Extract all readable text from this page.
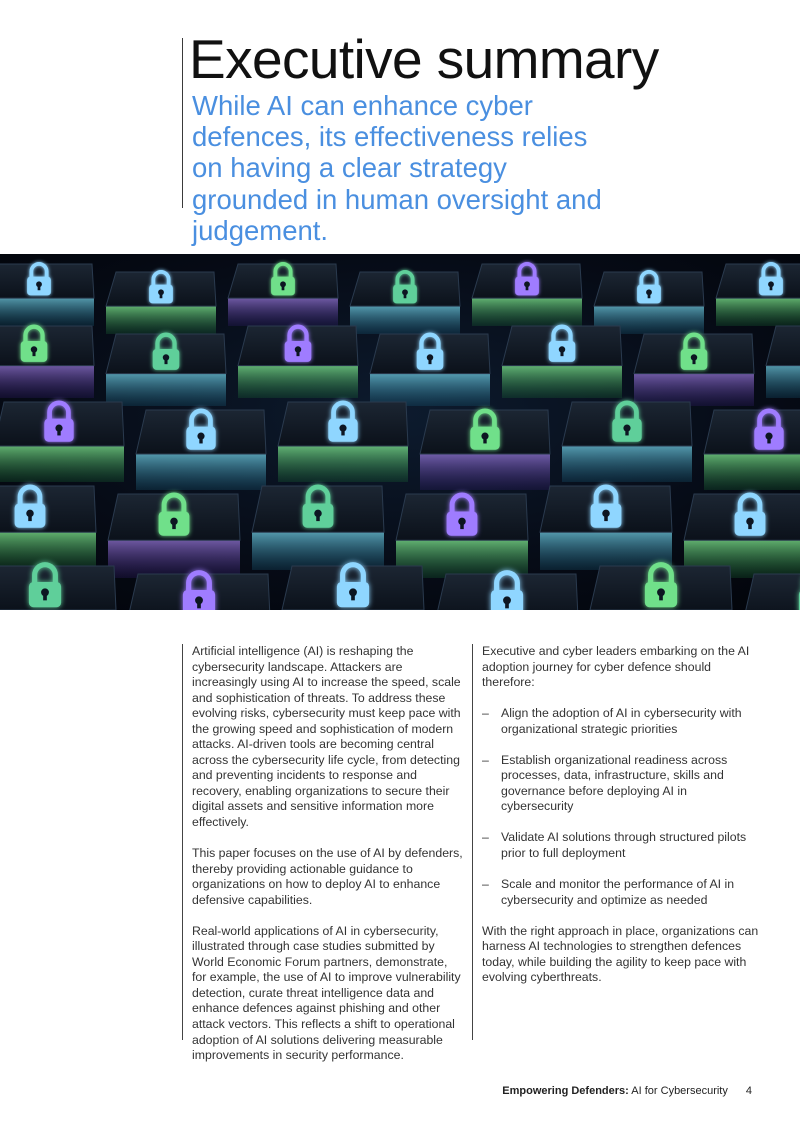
Executive summary
While AI can enhance cyber defences, its effectiveness relies on having a clear strategy grounded in human oversight and judgement.

Artificial intelligence (AI) is reshaping the cybersecurity landscape. Attackers are increasingly using AI to increase the speed, scale and sophistication of threats. To address these evolving risks, cybersecurity must keep pace with the growing speed and sophistication of modern attacks. AI-driven tools are becoming central across the cybersecurity life cycle, from detecting and preventing incidents to response and recovery, enabling organizations to secure their digital assets and sensitive information more effectively.

This paper focuses on the use of AI by defenders, thereby providing actionable guidance to organizations on how to deploy AI to enhance defensive capabilities.

Real-world applications of AI in cybersecurity, illustrated through case studies submitted by World Economic Forum partners, demonstrate, for example, the use of AI to improve vulnerability detection, curate threat intelligence data and enhance defences against phishing and other attack vectors. This reflects a shift to operational adoption of AI solutions delivering measurable improvements in security performance.

Executive and cyber leaders embarking on the AI adoption journey for cyber defence should therefore:

– Align the adoption of AI in cybersecurity with organizational strategic priorities
– Establish organizational readiness across processes, data, infrastructure, skills and governance before deploying AI in cybersecurity
– Validate AI solutions through structured pilots prior to full deployment
– Scale and monitor the performance of AI in cybersecurity and optimize as needed

With the right approach in place, organizations can harness AI technologies to strengthen defences today, while building the agility to keep pace with evolving cyberthreats.

Empowering Defenders: AI for Cybersecurity 4
